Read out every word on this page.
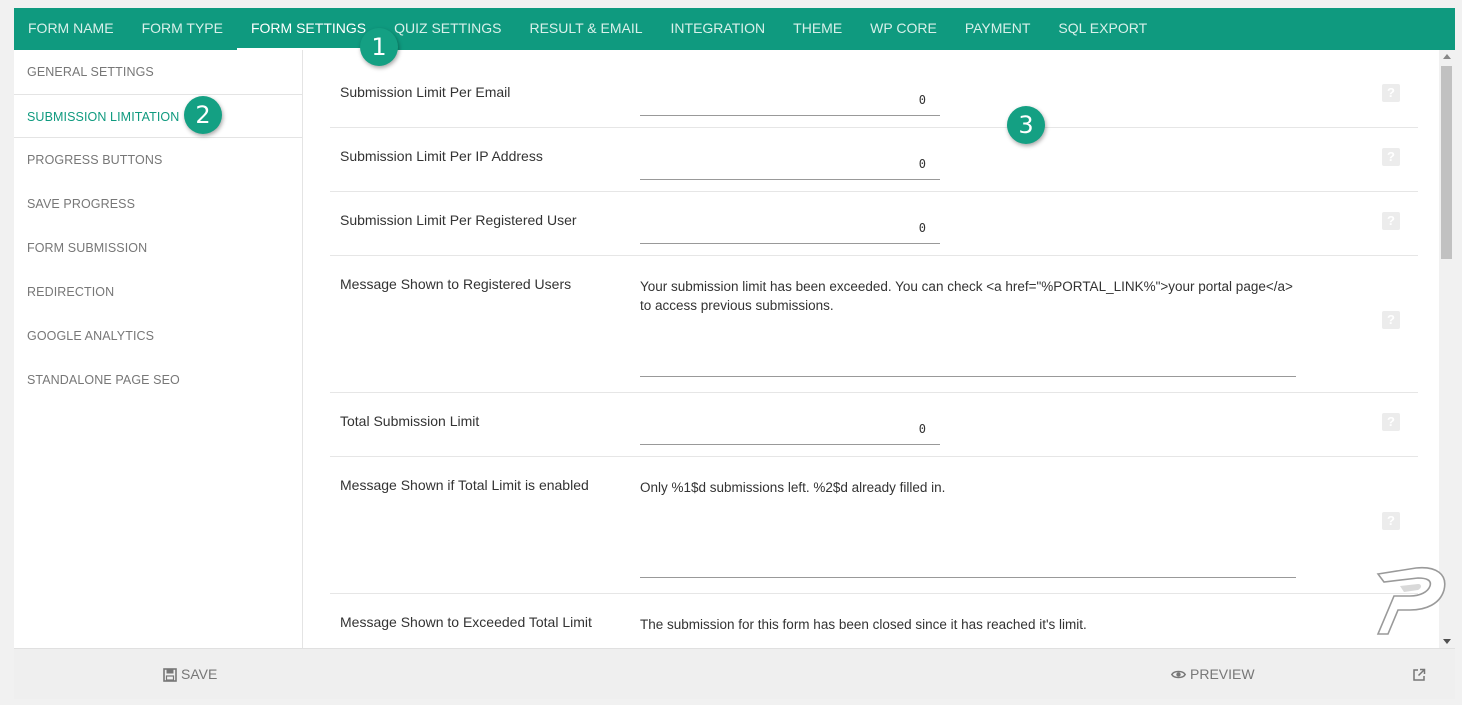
FORM NAME	FORM TYPE	FORM SETTINGS	QUIZ SETTINGS	RESULT & EMAIL	INTEGRATION	THEME	WP CORE	PAYMENT	SQL EXPORT
GENERAL SETTINGS
SUBMISSION LIMITATION
PROGRESS BUTTONS
SAVE PROGRESS
FORM SUBMISSION
REDIRECTION
GOOGLE ANALYTICS
STANDALONE PAGE SEO
Submission Limit Per Email	0	?
Submission Limit Per IP Address	0	?
Submission Limit Per Registered User	0	?
Message Shown to Registered Users	Your submission limit has been exceeded. You can check <a href="%PORTAL_LINK%">your portal page</a> to access previous submissions.
?
Total Submission Limit	0	?
Message Shown if Total Limit is enabled	Only %1$d submissions left. %2$d already filled in.
?
Message Shown to Exceeded Total Limit	The submission for this form has been closed since it has reached it's limit.
SAVE	PREVIEW
1
2	3
